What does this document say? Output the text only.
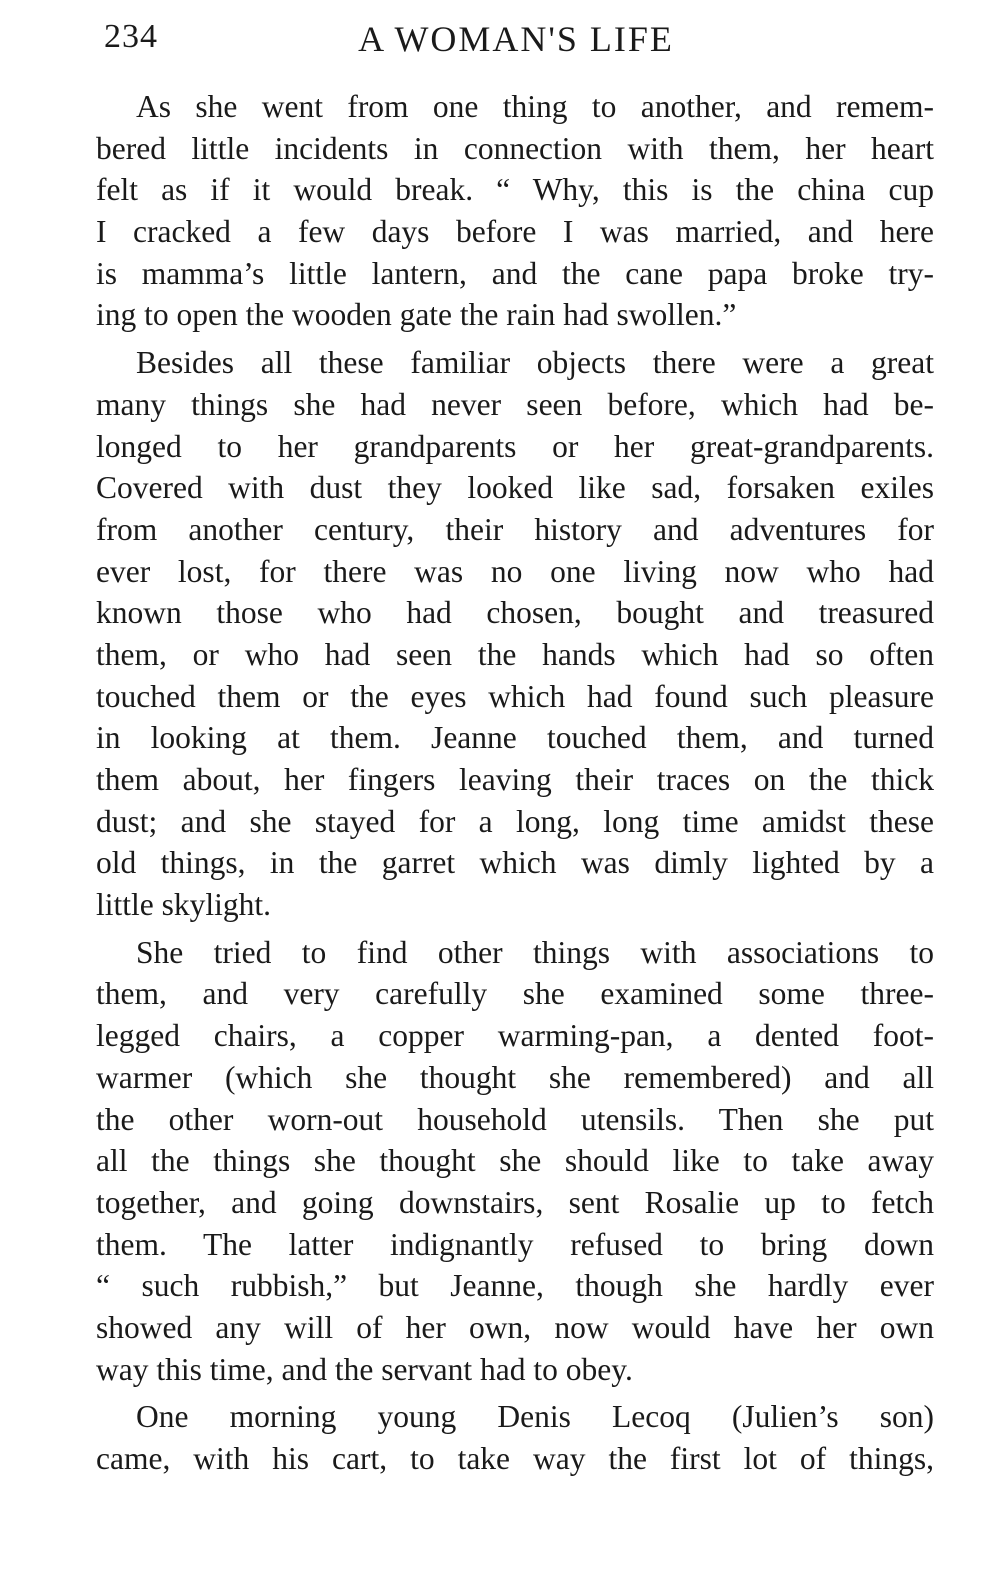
234	A WOMAN'S LIFE
As she went from one thing to another, and remem-
bered little incidents in connection with them, her heart
felt as if it would break. “ Why, this is the china cup
I cracked a few days before I was married, and here
is mamma’s little lantern, and the cane papa broke try-
ing to open the wooden gate the rain had swollen.”
Besides all these familiar objects there were a great
many things she had never seen before, which had be-
longed to her grandparents or her great-grandparents.
Covered with dust they looked like sad, forsaken exiles
from another century, their history and adventures for
ever lost, for there was no one living now who had
known those who had chosen, bought and treasured
them, or who had seen the hands which had so often
touched them or the eyes which had found such pleasure
in looking at them. Jeanne touched them, and turned
them about, her fingers leaving their traces on the thick
dust; and she stayed for a long, long time amidst these
old things, in the garret which was dimly lighted by a
little skylight.
She tried to find other things with associations to
them, and very carefully she examined some three-
legged chairs, a copper warming-pan, a dented foot-
warmer (which she thought she remembered) and all
the other worn-out household utensils. Then she put
all the things she thought she should like to take away
together, and going downstairs, sent Rosalie up to fetch
them. The latter indignantly refused to bring down
“ such rubbish,” but Jeanne, though she hardly ever
showed any will of her own, now would have her own
way this time, and the servant had to obey.
One morning young Denis Lecoq (Julien’s son)
came, with his cart, to take way the first lot of things,
